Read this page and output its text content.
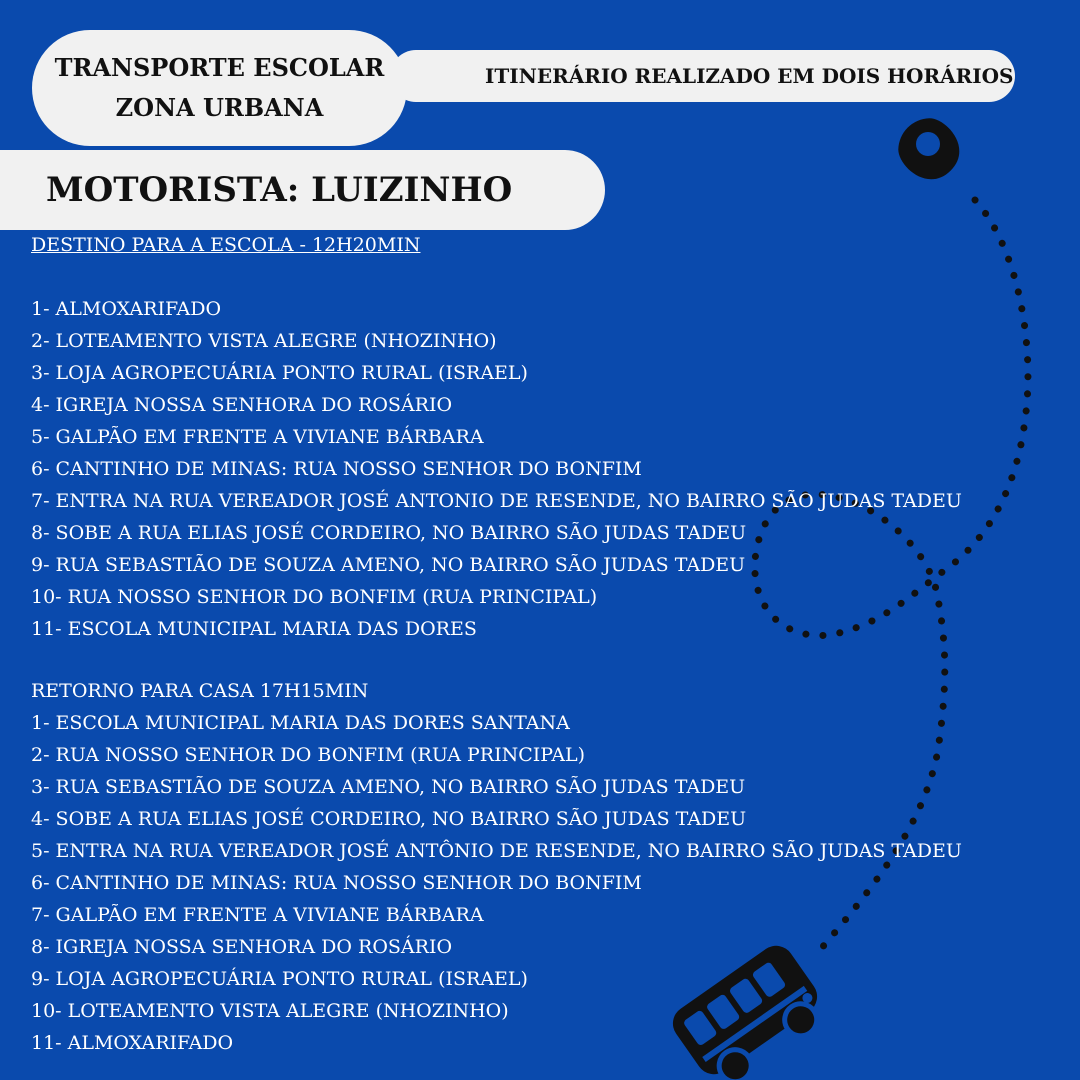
ITINERÁRIO REALIZADO EM DOIS HORÁRIOS
TRANSPORTE ESCOLAR
ZONA URBANA
MOTORISTA: LUIZINHO
DESTINO PARA A ESCOLA - 12H20MIN
1- ALMOXARIFADO
2- LOTEAMENTO VISTA ALEGRE (NHOZINHO)
3- LOJA AGROPECUÁRIA PONTO RURAL (ISRAEL)
4- IGREJA NOSSA SENHORA DO ROSÁRIO
5- GALPÃO EM FRENTE A VIVIANE BÁRBARA
6- CANTINHO DE MINAS: RUA NOSSO SENHOR DO BONFIM
7- ENTRA NA RUA VEREADOR JOSÉ ANTONIO DE RESENDE, NO BAIRRO SÃO JUDAS TADEU
8- SOBE A RUA ELIAS JOSÉ CORDEIRO, NO BAIRRO SÃO JUDAS TADEU
9- RUA SEBASTIÃO DE SOUZA AMENO, NO BAIRRO SÃO JUDAS TADEU
10- RUA NOSSO SENHOR DO BONFIM (RUA PRINCIPAL)
11- ESCOLA MUNICIPAL MARIA DAS DORES
RETORNO PARA CASA 17H15MIN
1- ESCOLA MUNICIPAL MARIA DAS DORES SANTANA
2- RUA NOSSO SENHOR DO BONFIM (RUA PRINCIPAL)
3- RUA SEBASTIÃO DE SOUZA AMENO, NO BAIRRO SÃO JUDAS TADEU
4- SOBE A RUA ELIAS JOSÉ CORDEIRO, NO BAIRRO SÃO JUDAS TADEU
5- ENTRA NA RUA VEREADOR JOSÉ ANTÔNIO DE RESENDE, NO BAIRRO SÃO JUDAS TADEU
6- CANTINHO DE MINAS: RUA NOSSO SENHOR DO BONFIM
7- GALPÃO EM FRENTE A VIVIANE BÁRBARA
8- IGREJA NOSSA SENHORA DO ROSÁRIO
9- LOJA AGROPECUÁRIA PONTO RURAL (ISRAEL)
10- LOTEAMENTO VISTA ALEGRE (NHOZINHO)
11- ALMOXARIFADO
